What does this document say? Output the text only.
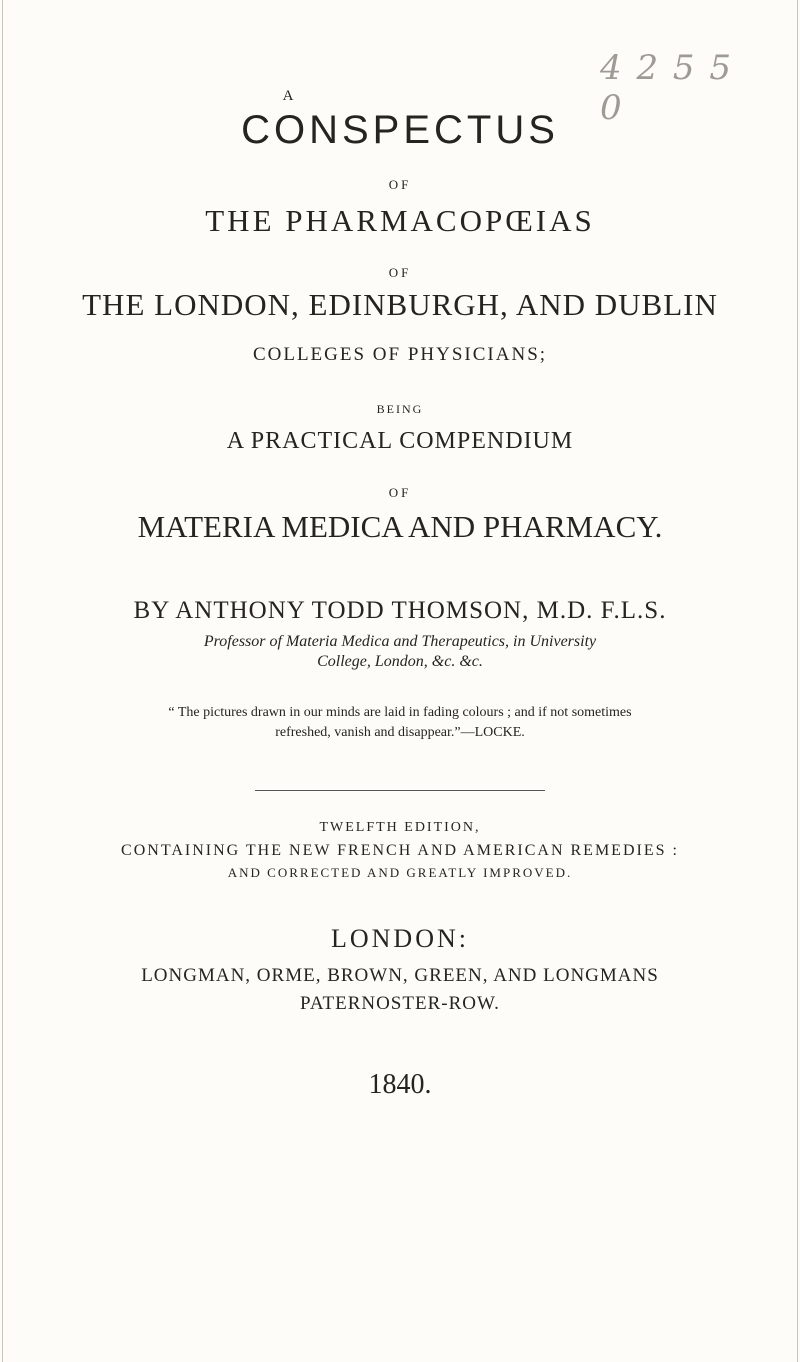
4 2 5 5 0
A
CONSPECTUS
OF
THE PHARMACOPŒIAS
OF
THE LONDON, EDINBURGH, AND DUBLIN
COLLEGES OF PHYSICIANS;
BEING
A PRACTICAL COMPENDIUM
OF
MATERIA MEDICA AND PHARMACY.
BY ANTHONY TODD THOMSON, M.D. F.L.S.
Professor of Materia Medica and Therapeutics, in University
College, London, &c. &c.
“ The pictures drawn in our minds are laid in fading colours ; and if not sometimes
refreshed, vanish and disappear.”—LOCKE.
TWELFTH EDITION,
CONTAINING THE NEW FRENCH AND AMERICAN REMEDIES :
AND CORRECTED AND GREATLY IMPROVED.
LONDON:
LONGMAN, ORME, BROWN, GREEN, AND LONGMANS
PATERNOSTER-ROW.
1840.
